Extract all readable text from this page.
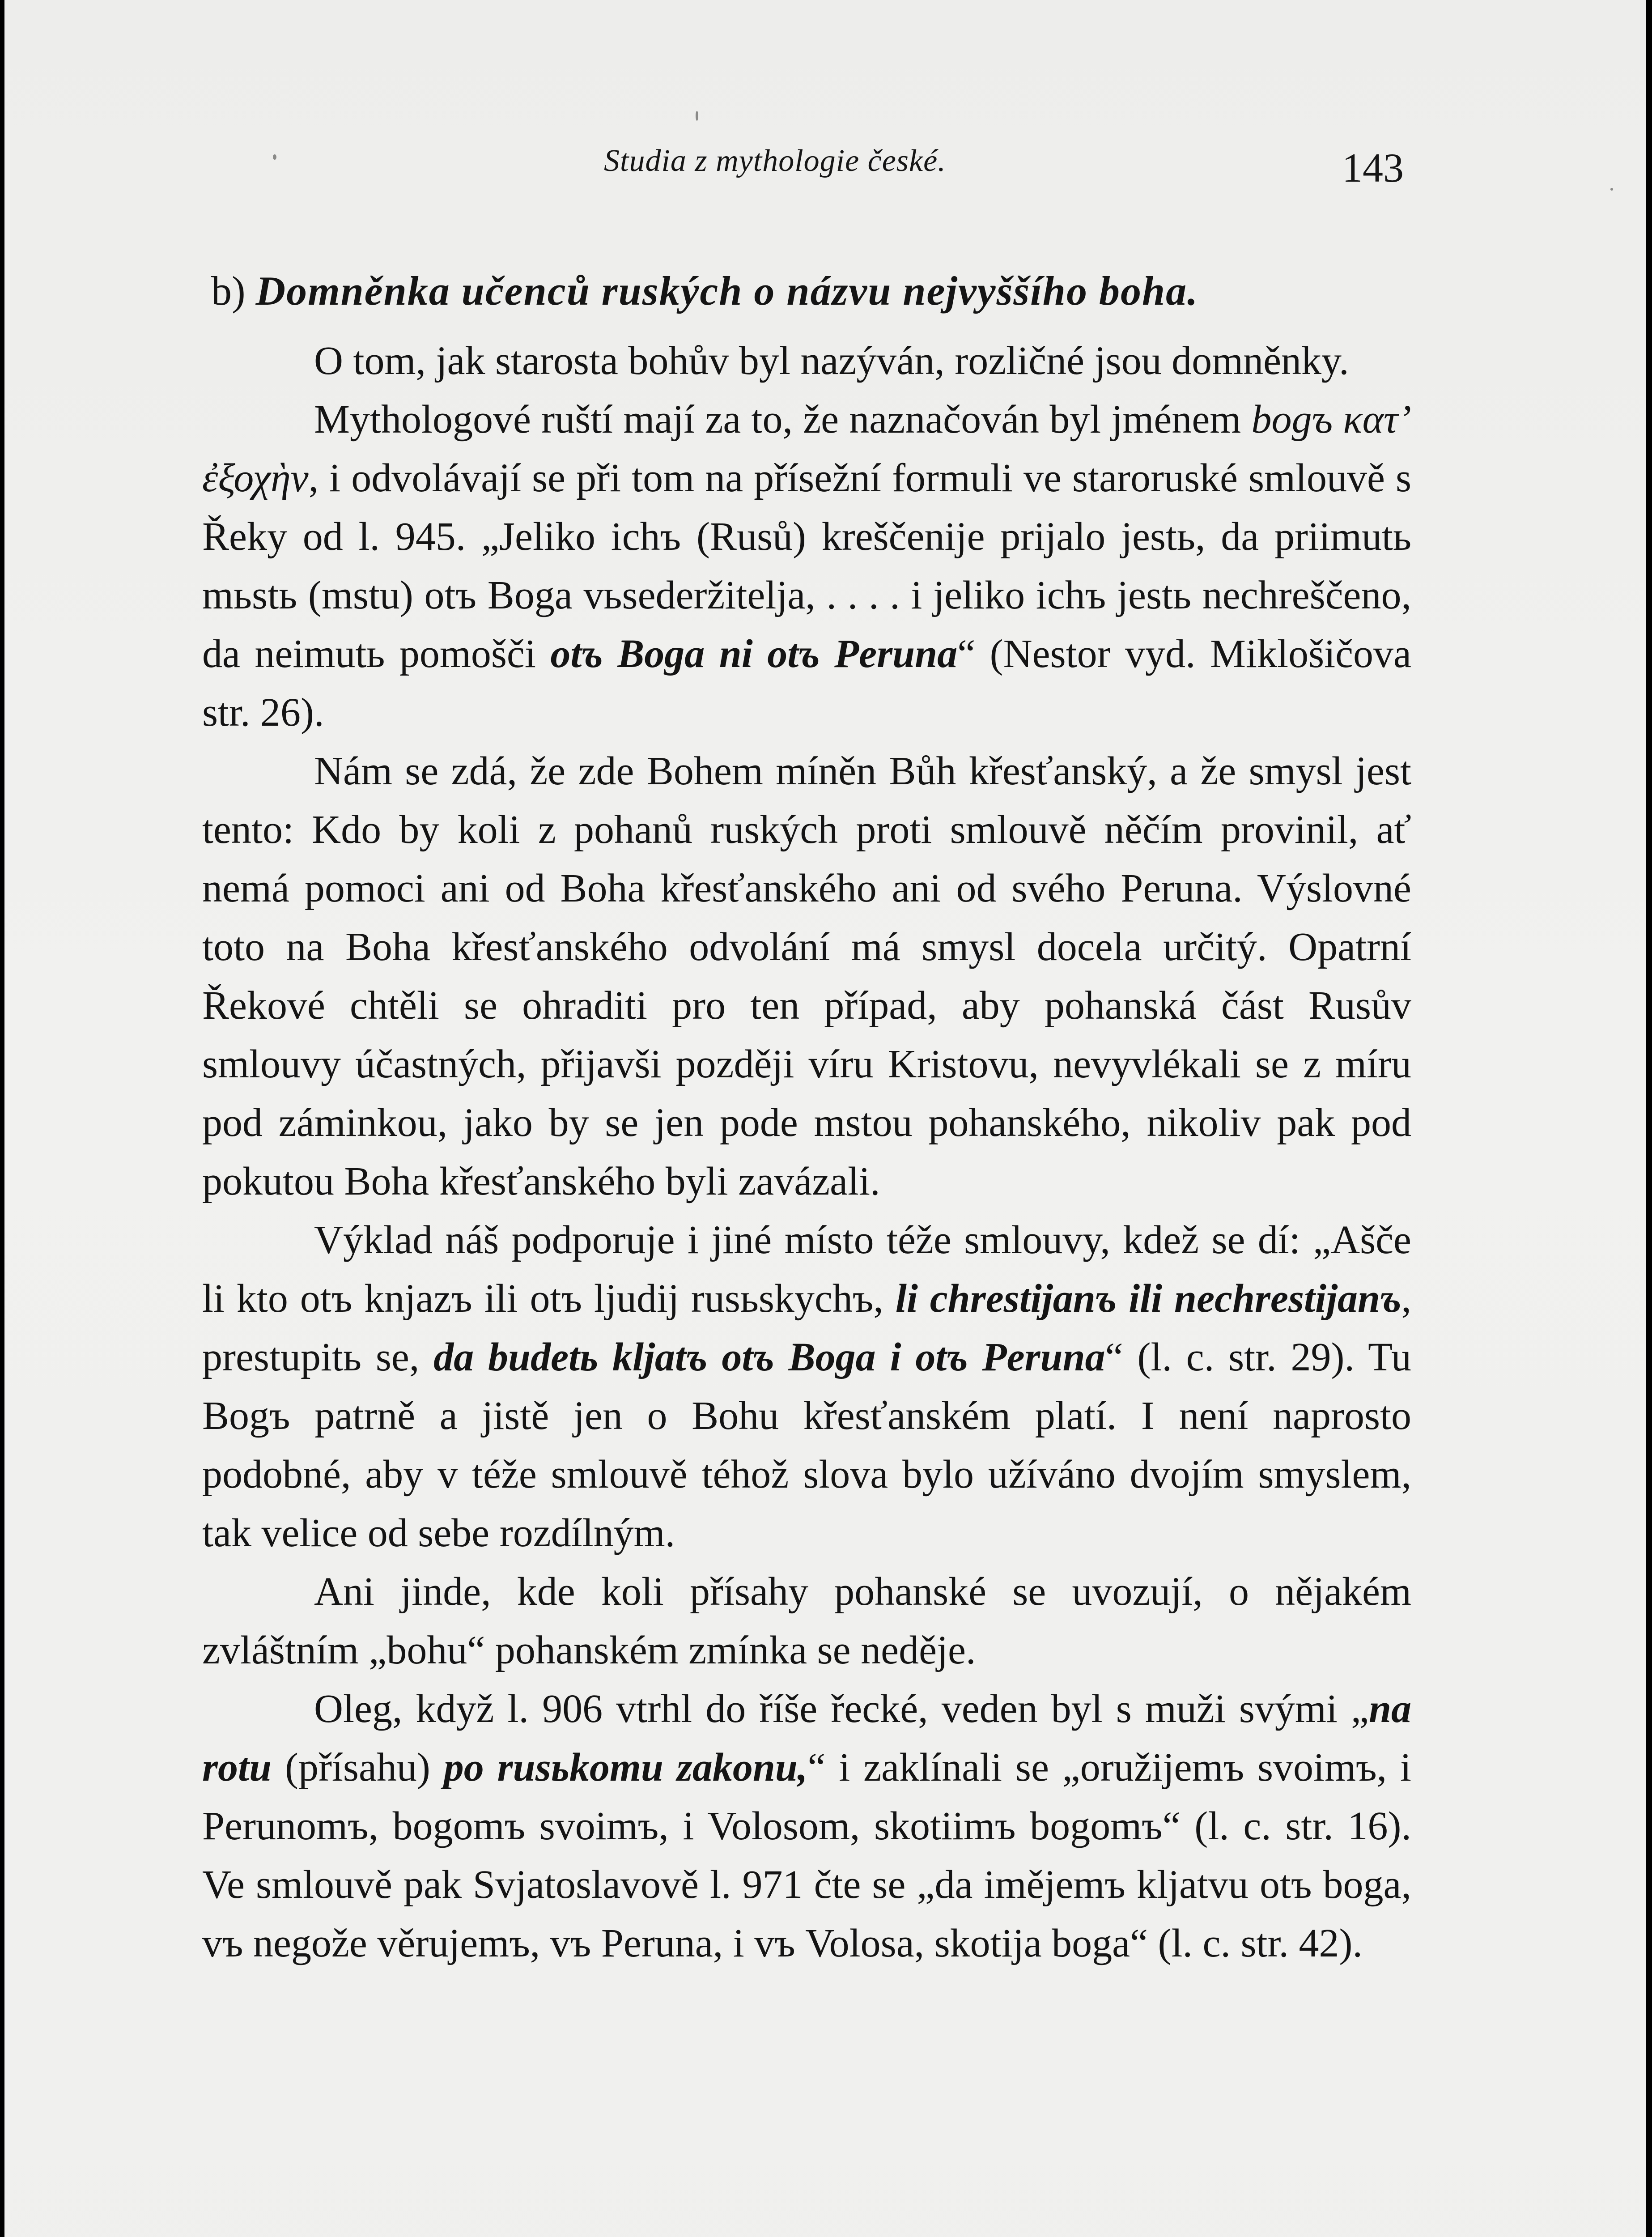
Studia z mythologie české.	143
b) Domněnka učenců ruských o názvu nejvyššího boha.

O tom, jak starosta bohův byl nazýván, rozličné jsou domněnky.

Mythologové ruští mají za to, že naznačován byl jménem bogъ κατ’ ἐξοχὴν, i odvolávají se při tom na přísežní formuli ve staroruské smlouvě s Řeky od l. 945. „Jeliko ichъ (Rusů) kreščenije prijalo jestь, da priimutь mьstь (mstu) otъ Boga vьsederžitelja, . . . . i jeliko ichъ jestь nechreščeno, da neimutь pomošči otъ Boga ni otъ Peruna“ (Nestor vyd. Miklošičova str. 26).

Nám se zdá, že zde Bohem míněn Bůh křesťanský, a že smysl jest tento: Kdo by koli z pohanů ruských proti smlouvě něčím provinil, ať nemá pomoci ani od Boha křesťanského ani od svého Peruna. Výslovné toto na Boha křesťanského odvolání má smysl docela určitý. Opatrní Řekové chtěli se ohraditi pro ten případ, aby pohanská část Rusův smlouvy účastných, přijavši později víru Kristovu, nevyvlékali se z míru pod záminkou, jako by se jen pode mstou pohanského, nikoliv pak pod pokutou Boha křesťanského byli zavázali.

Výklad náš podporuje i jiné místo téže smlouvy, kdež se dí: „Ašče li kto otъ knjazъ ili otъ ljudij rusьskychъ, li chrestijanъ ili nechrestijanъ, prestupitь se, da budetь kljatъ otъ Boga i otъ Peruna“ (l. c. str. 29). Tu Bogъ patrně a jistě jen o Bohu křesťanském platí. I není naprosto podobné, aby v téže smlouvě téhož slova bylo užíváno dvojím smyslem, tak velice od sebe rozdílným.

Ani jinde, kde koli přísahy pohanské se uvozují, o nějakém zvláštním „bohu“ pohanském zmínka se neděje.

Oleg, když l. 906 vtrhl do říše řecké, veden byl s muži svými „na rotu (přísahu) po rusьkomu zakonu,“ i zaklínali se „oružijemъ svoimъ, i Perunomъ, bogomъ svoimъ, i Volosom, skotiimъ bogomъ“ (l. c. str. 16). Ve smlouvě pak Svjatoslavově l. 971 čte se „da imějemъ kljatvu otъ boga, vъ negože věrujemъ, vъ Peruna, i vъ Volosa, skotija boga“ (l. c. str. 42).
